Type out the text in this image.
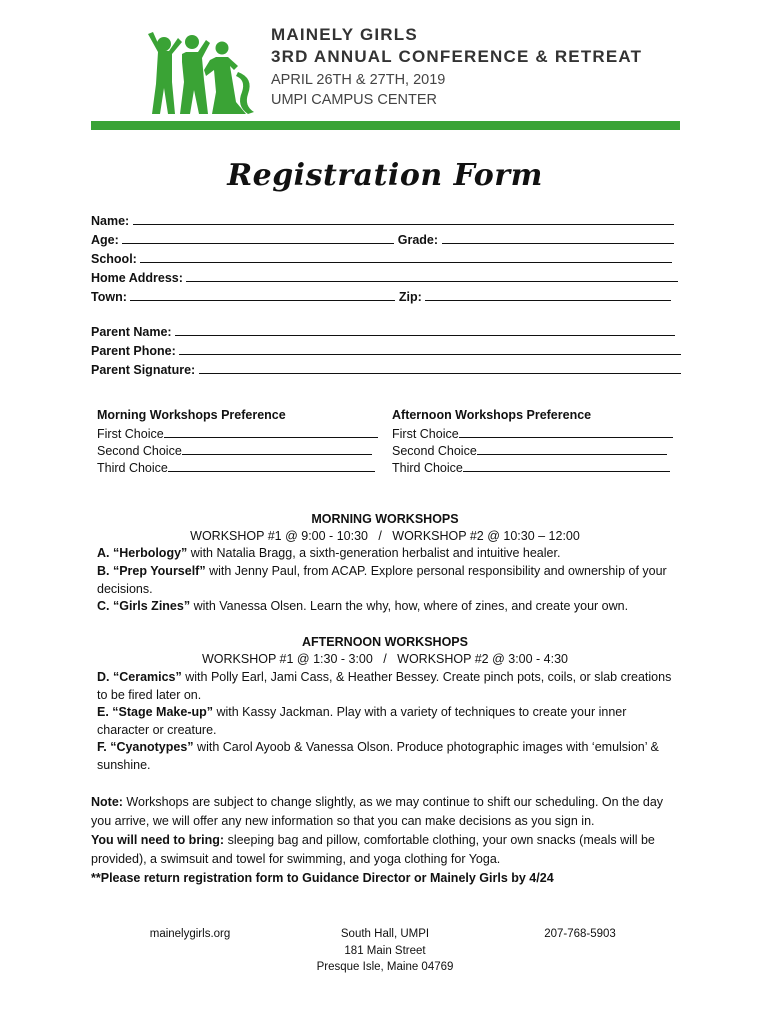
MAINELY GIRLS
3RD ANNUAL CONFERENCE & RETREAT
APRIL 26TH & 27TH, 2019
UMPI CAMPUS CENTER
Registration Form
Name:
Age:	Grade:
School:
Home Address:
Town:	Zip:
Parent Name:
Parent Phone:
Parent Signature:
Morning Workshops Preference
First Choice
Second Choice
Third Choice
Afternoon Workshops Preference
First Choice
Second Choice
Third Choice
MORNING WORKSHOPS
WORKSHOP #1 @ 9:00 - 10:30   /   WORKSHOP #2 @ 10:30 – 12:00
A. “Herbology” with Natalia Bragg, a sixth-generation herbalist and intuitive healer.
B. “Prep Yourself” with Jenny Paul, from ACAP. Explore personal responsibility and ownership of your decisions.
C. “Girls Zines” with Vanessa Olsen. Learn the why, how, where of zines, and create your own.
AFTERNOON WORKSHOPS
WORKSHOP #1 @ 1:30 - 3:00   /   WORKSHOP #2 @ 3:00 - 4:30
D. “Ceramics” with Polly Earl, Jami Cass, & Heather Bessey. Create pinch pots, coils, or slab creations to be fired later on.
E. “Stage Make-up” with Kassy Jackman. Play with a variety of techniques to create your inner character or creature.
F. “Cyanotypes” with Carol Ayoob & Vanessa Olson. Produce photographic images with ‘emulsion’ & sunshine.
Note: Workshops are subject to change slightly, as we may continue to shift our scheduling. On the day you arrive, we will offer any new information so that you can make decisions as you sign in.
You will need to bring: sleeping bag and pillow, comfortable clothing, your own snacks (meals will be provided), a swimsuit and towel for swimming, and yoga clothing for Yoga.
**Please return registration form to Guidance Director or Mainely Girls by 4/24
mainelygirls.org	South Hall, UMPI
181 Main Street
Presque Isle, Maine 04769
207-768-5903
